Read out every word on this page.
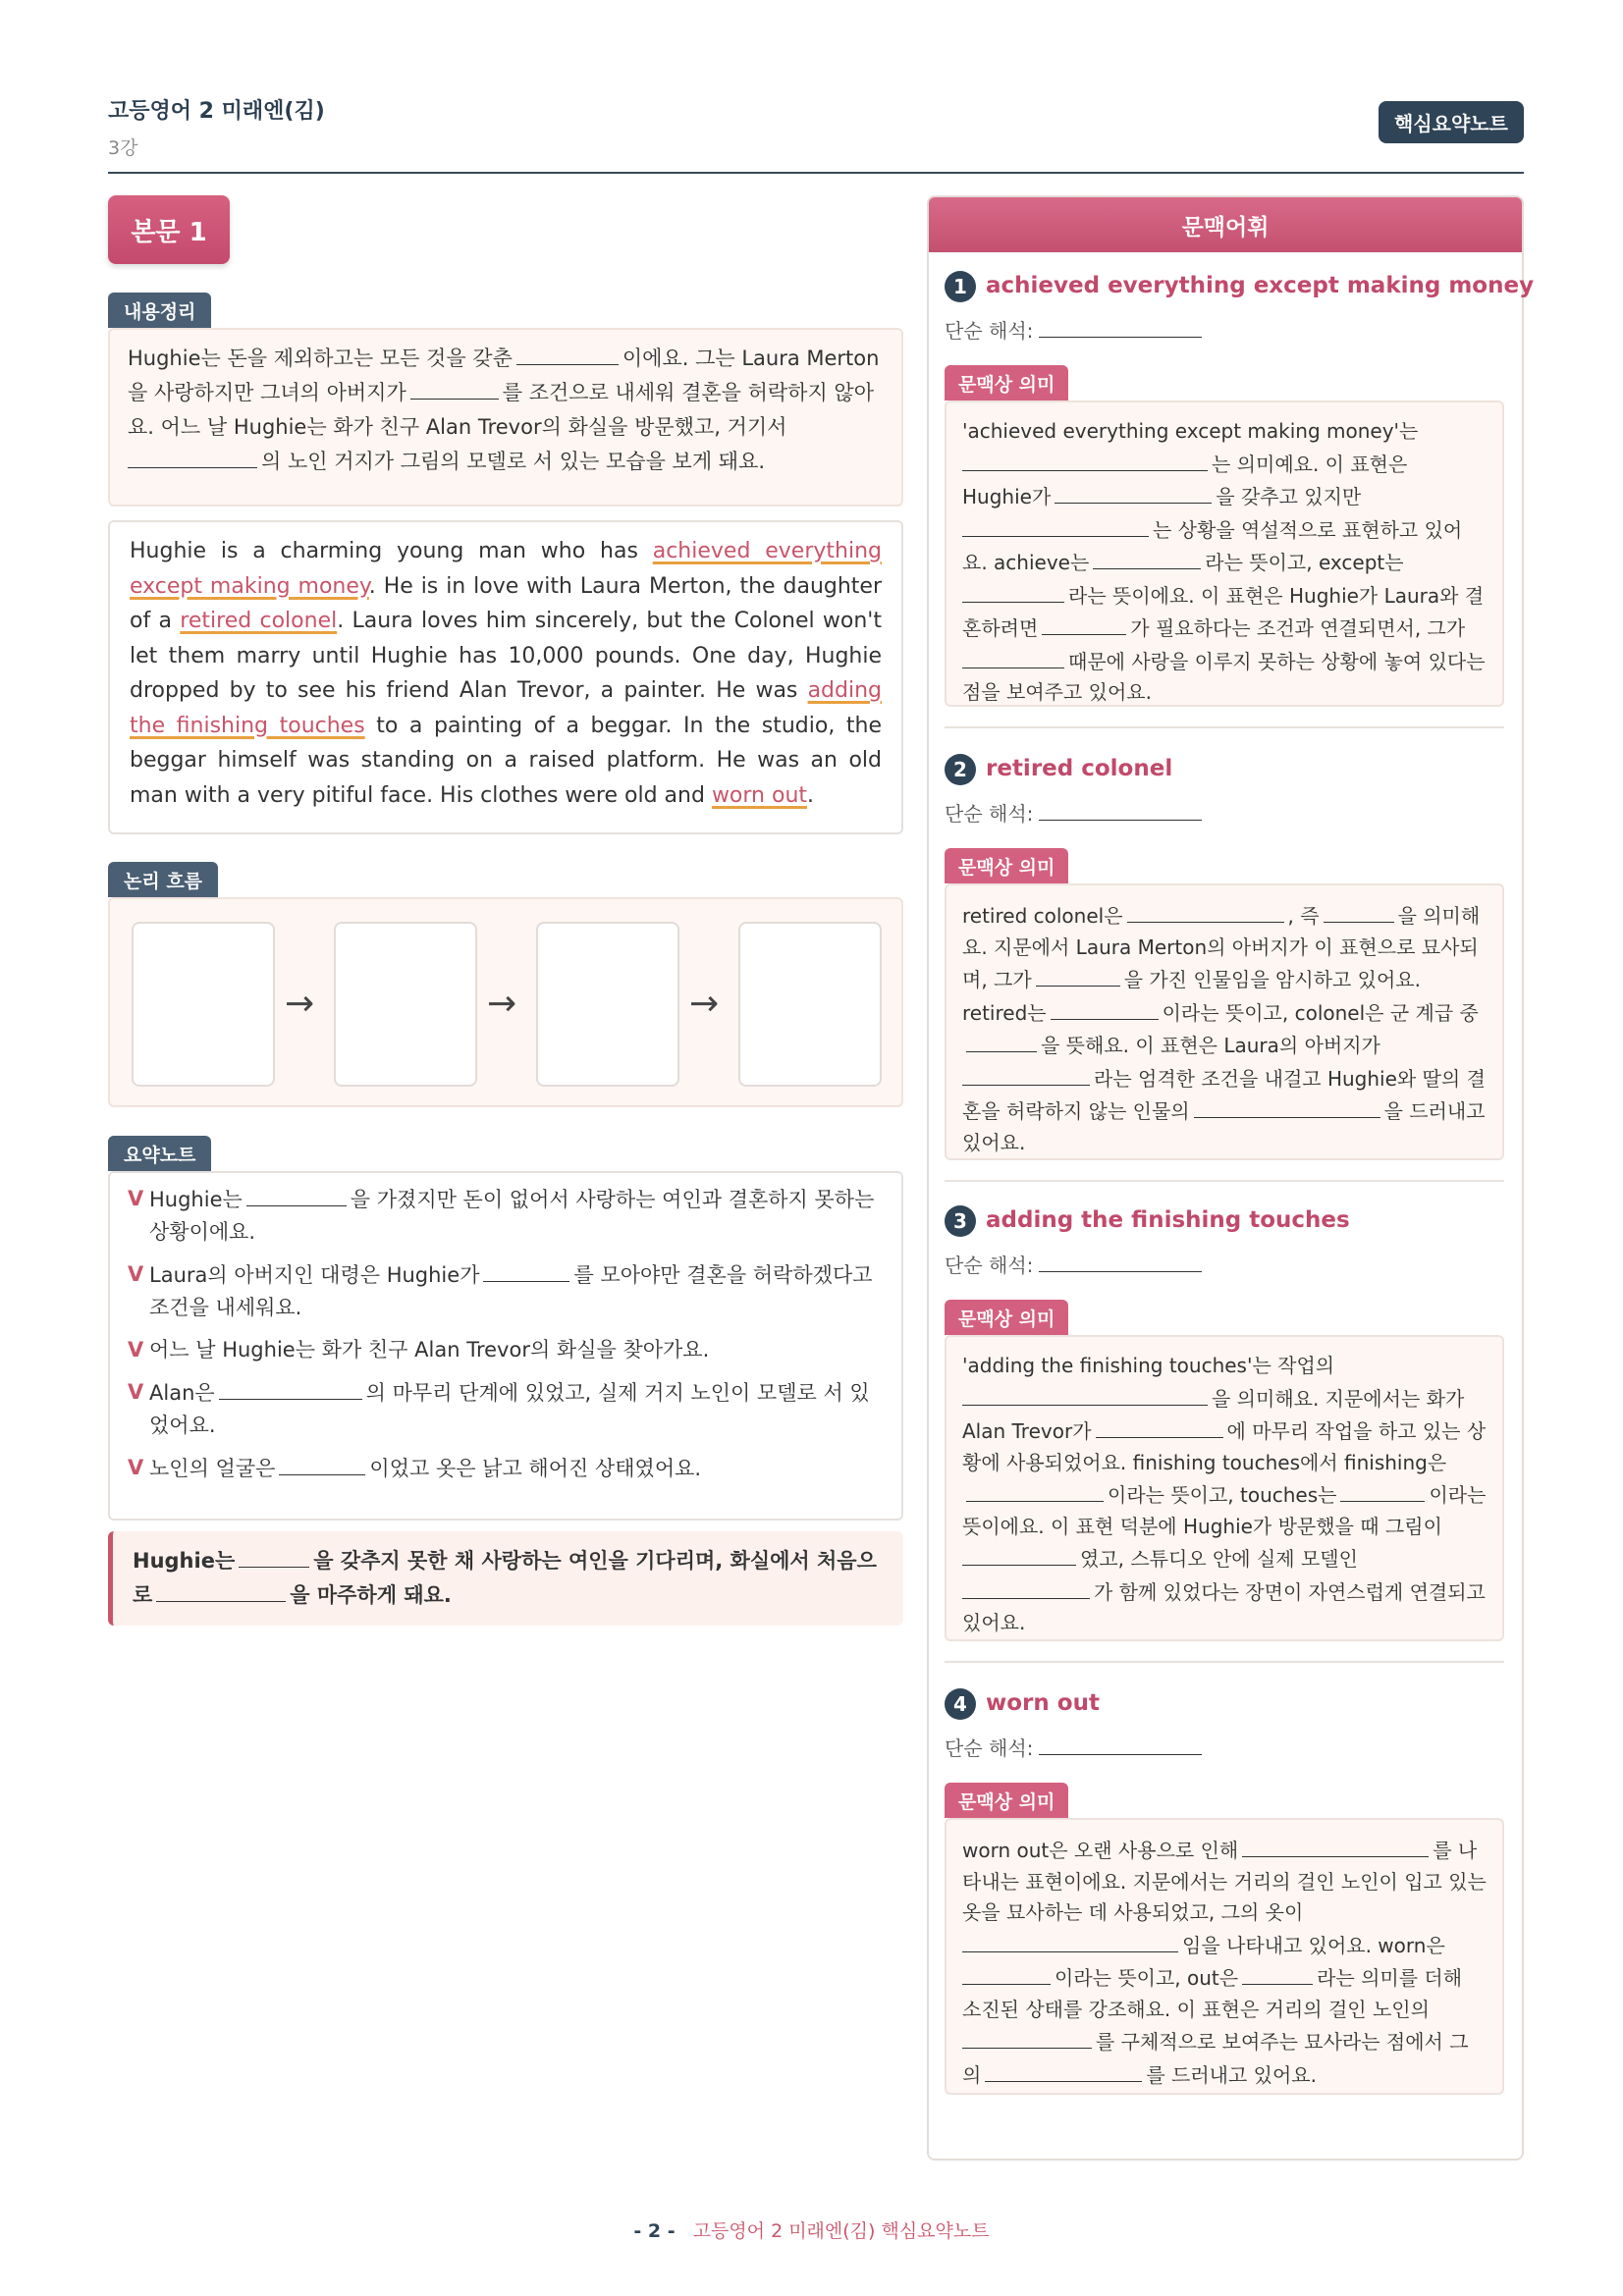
고등영어 2 미래엔(김)
3강
핵심요약노트
본문 1
내용정리
Hughie는 돈을 제외하고는 모든 것을 갖춘	이에요. 그는 Laura Merton을 사랑하지만 그녀의 아버지가	를 조건으로 내세워 결혼을 허락하지 않아요. 어느 날 Hughie는 화가 친구 Alan Trevor의 화실을 방문했고, 거기서
의 노인 거지가 그림의 모델로 서 있는 모습을 보게 돼요.
Hughie is a charming young man who has achieved everything except making money. He is in love with Laura Merton, the daughter of a retired colonel. Laura loves him sincerely, but the Colonel won't let them marry until Hughie has 10,000 pounds. One day, Hughie dropped by to see his friend Alan Trevor, a painter. He was adding the finishing touches to a painting of a beggar. In the studio, the beggar himself was standing on a raised platform. He was an old man with a very pitiful face. His clothes were old and worn out.
논리 흐름
→	→	→
요약노트
V Hughie는	을 가졌지만 돈이 없어서 사랑하는 여인과 결혼하지 못하는 상황이에요.
V Laura의 아버지인 대령은 Hughie가	를 모아야만 결혼을 허락하겠다고 조건을 내세워요.
V 어느 날 Hughie는 화가 친구 Alan Trevor의 화실을 찾아가요.
V Alan은	의 마무리 단계에 있었고, 실제 거지 노인이 모델로 서 있었어요.
V 노인의 얼굴은	이었고 옷은 낡고 해어진 상태였어요.
Hughie는	을 갖추지 못한 채 사랑하는 여인을 기다리며, 화실에서 처음으로	을 마주하게 돼요.
문맥어휘
1 achieved everything except making money
단순 해석:
문맥상 의미
'achieved everything except making money'는
는 의미예요. 이 표현은
Hughie가	을 갖추고 있지만
는 상황을 역설적으로 표현하고 있어요. achieve는	라는 뜻이고, except는
라는 뜻이에요. 이 표현은 Hughie가 Laura와 결혼하려면	가 필요하다는 조건과 연결되면서, 그가
때문에 사랑을 이루지 못하는 상황에 놓여 있다는 점을 보여주고 있어요.
2 retired colonel
단순 해석:
문맥상 의미
retired colonel은	, 즉	을 의미해요. 지문에서 Laura Merton의 아버지가 이 표현으로 묘사되며, 그가	을 가진 인물임을 암시하고 있어요. retired는	이라는 뜻이고, colonel은 군 계급 중을 뜻해요. 이 표현은 Laura의 아버지가
라는 엄격한 조건을 내걸고 Hughie와 딸의 결혼을 허락하지 않는 인물의	을 드러내고 있어요.
3 adding the finishing touches
단순 해석:
문맥상 의미
'adding the finishing touches'는 작업의
을 의미해요. 지문에서는 화가 Alan Trevor가	에 마무리 작업을 하고 있는 상황에 사용되었어요. finishing touches에서 finishing은이라는 뜻이고, touches는	이라는 뜻이에요. 이 표현 덕분에 Hughie가 방문했을 때 그림이
였고, 스튜디오 안에 실제 모델인
가 함께 있었다는 장면이 자연스럽게 연결되고 있어요.
4 worn out
단순 해석:
문맥상 의미
worn out은 오랜 사용으로 인해	를 나타내는 표현이에요. 지문에서는 거리의 걸인 노인이 입고 있는 옷을 묘사하는 데 사용되었고, 그의 옷이
임을 나타내고 있어요. worn은
이라는 뜻이고, out은	라는 의미를 더해 소진된 상태를 강조해요. 이 표현은 거리의 걸인 노인의
를 구체적으로 보여주는 묘사라는 점에서 그의	를 드러내고 있어요.
- 2 - 고등영어 2 미래엔(김) 핵심요약노트
